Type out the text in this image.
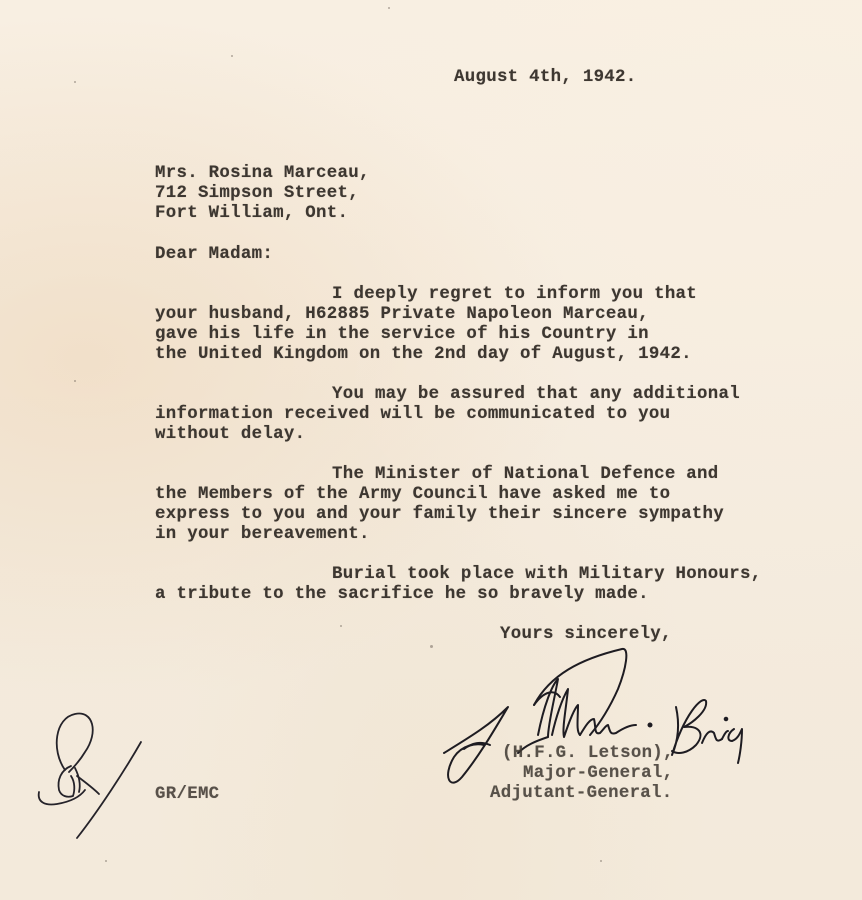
August 4th, 1942.
Mrs. Rosina Marceau,
712 Simpson Street,
Fort William, Ont.
Dear Madam:
I deeply regret to inform you that
your husband, H62885 Private Napoleon Marceau,
gave his life in the service of his Country in
the United Kingdom on the 2nd day of August, 1942.
You may be assured that any additional
information received will be communicated to you
without delay.
The Minister of National Defence and
the Members of the Army Council have asked me to
express to you and your family their sincere sympathy
in your bereavement.
Burial took place with Military Honours,
a tribute to the sacrifice he so bravely made.
Yours sincerely,
(H.F.G. Letson),
Major-General,
Adjutant-General.
GR/EMC
